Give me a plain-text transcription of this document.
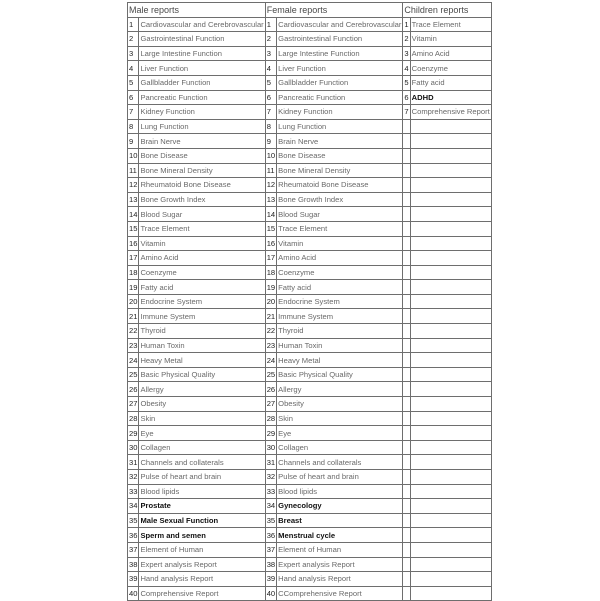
Male reports		Female reports		Children reports	
1	Cardiovascular and Cerebrovascular	1	Cardiovascular and Cerebrovascular	1	Trace Element
2	Gastrointestinal Function	2	Gastrointestinal Function	2	Vitamin
3	Large Intestine Function	3	Large Intestine Function	3	Amino Acid
4	Liver Function	4	Liver Function	4	Coenzyme
5	Gallbladder Function	5	Gallbladder Function	5	Fatty acid
6	Pancreatic Function	6	Pancreatic Function	6	ADHD
7	Kidney Function	7	Kidney Function	7	Comprehensive Report
8	Lung Function	8	Lung Function		
9	Brain Nerve	9	Brain Nerve		
10	Bone Disease	10	Bone Disease		
11	Bone Mineral Density	11	Bone Mineral Density		
12	Rheumatoid Bone Disease	12	Rheumatoid Bone Disease		
13	Bone Growth Index	13	Bone Growth Index		
14	Blood Sugar	14	Blood Sugar		
15	Trace Element	15	Trace Element		
16	Vitamin	16	Vitamin		
17	Amino Acid	17	Amino Acid		
18	Coenzyme	18	Coenzyme		
19	Fatty acid	19	Fatty acid		
20	Endocrine System	20	Endocrine System		
21	Immune System	21	Immune System		
22	Thyroid	22	Thyroid		
23	Human Toxin	23	Human Toxin		
24	Heavy Metal	24	Heavy Metal		
25	Basic Physical Quality	25	Basic Physical Quality		
26	Allergy	26	Allergy		
27	Obesity	27	Obesity		
28	Skin	28	Skin		
29	Eye	29	Eye		
30	Collagen	30	Collagen		
31	Channels and collaterals	31	Channels and collaterals		
32	Pulse of heart and brain	32	Pulse of heart and brain		
33	Blood lipids	33	Blood lipids		
34	Prostate	34	Gynecology		
35	Male Sexual Function	35	Breast		
36	Sperm and semen	36	Menstrual cycle		
37	Element of Human	37	Element of Human		
38	Expert analysis Report	38	Expert analysis Report		
39	Hand analysis Report	39	Hand analysis Report		
40	Comprehensive Report	40	CComprehensive Report		
